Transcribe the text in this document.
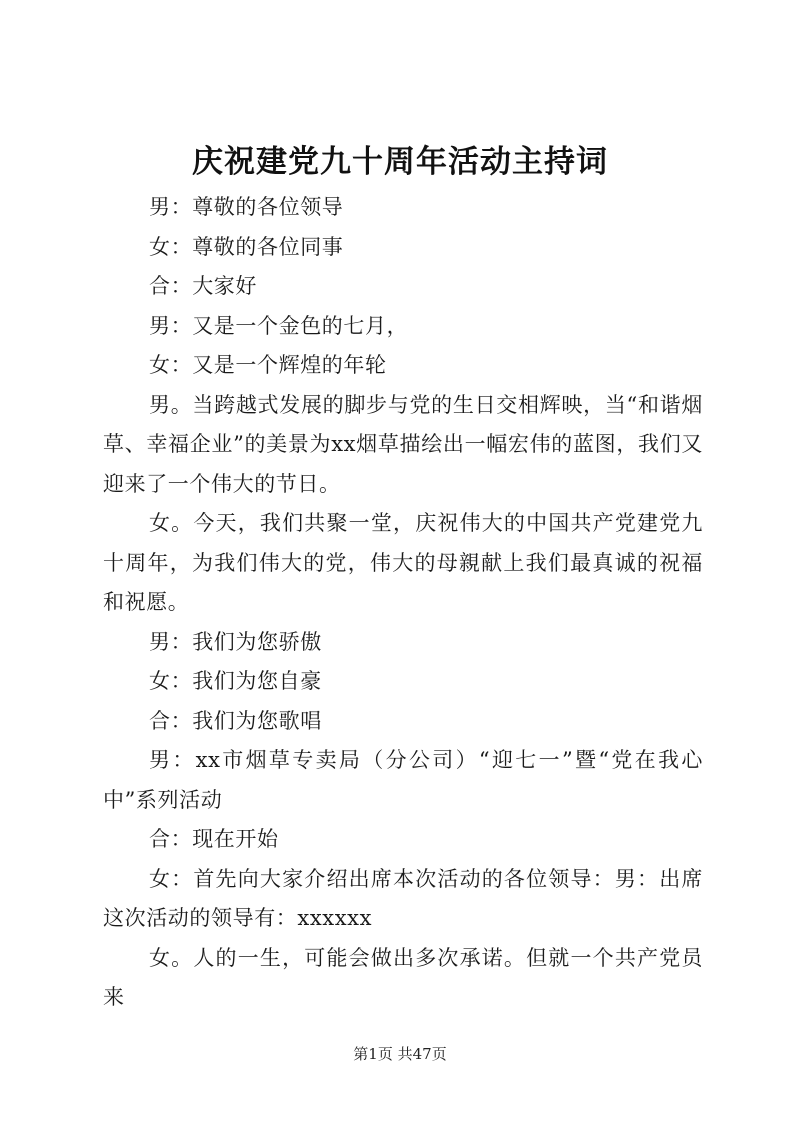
庆祝建党九十周年活动主持词

男：尊敬的各位领导

女：尊敬的各位同事

合：大家好

男：又是一个金色的七月，

女：又是一个辉煌的年轮

男。当跨越式发展的脚步与党的生日交相辉映，当“和谐烟草、幸福企业”的美景为xx烟草描绘出一幅宏伟的蓝图，我们又迎来了一个伟大的节日。

女。今天，我们共聚一堂，庆祝伟大的中国共产党建党九十周年，为我们伟大的党，伟大的母親献上我们最真诚的祝福和祝愿。

男：我们为您骄傲

女：我们为您自豪

合：我们为您歌唱

男：xx市烟草专卖局（分公司）“迎七一”暨“党在我心中”系列活动

合：现在开始

女：首先向大家介绍出席本次活动的各位领导：男：出席这次活动的领导有：xxxxxx

女。人的一生，可能会做出多次承诺。但就一个共产党员来

第1页 共47页
